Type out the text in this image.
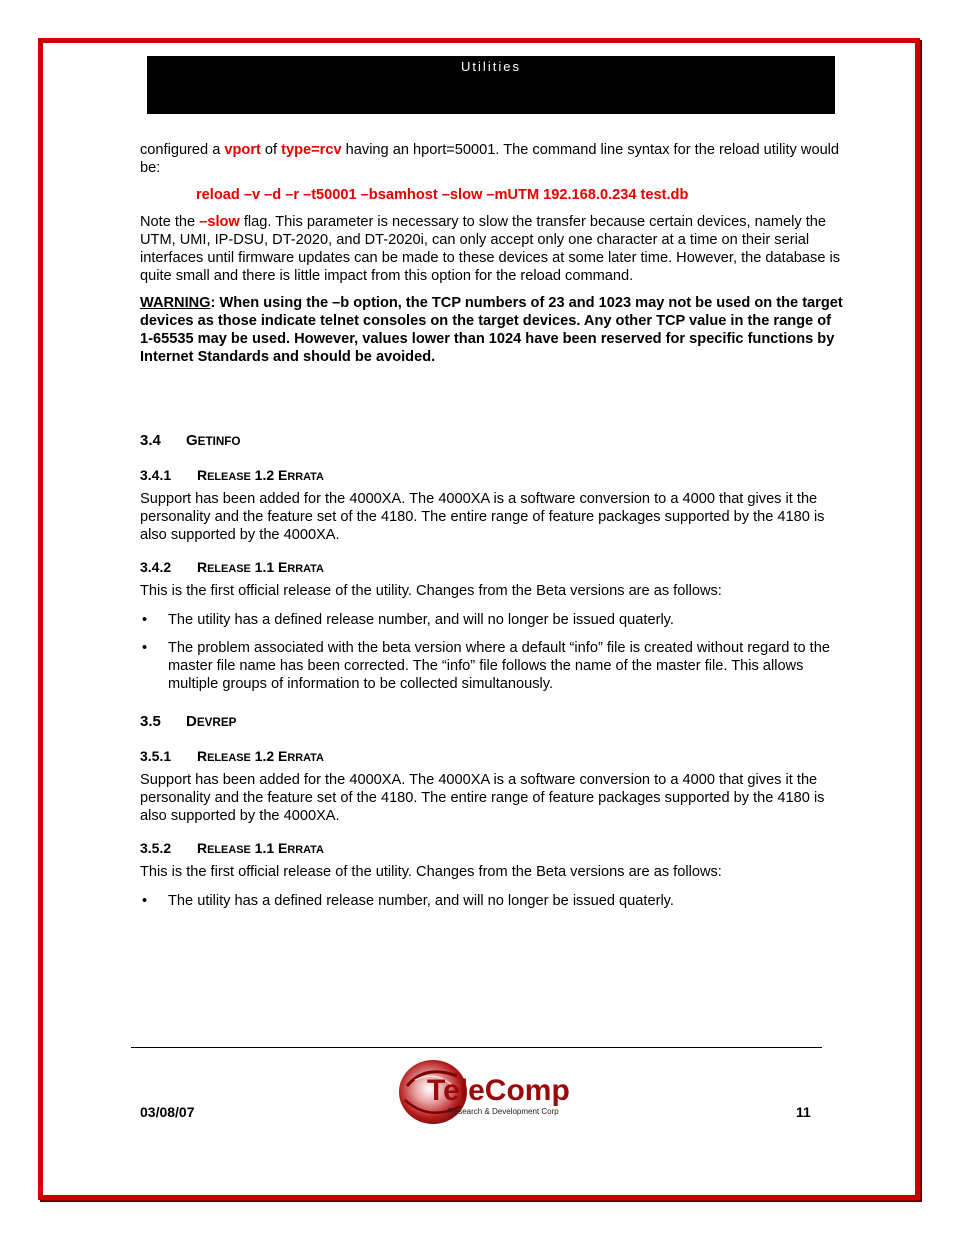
Utilities

configured a vport of type=rcv having an hport=50001. The command line syntax for the reload utility would be:

reload –v –d –r –t50001 –bsamhost –slow –mUTM 192.168.0.234 test.db

Note the –slow flag. This parameter is necessary to slow the transfer because certain devices, namely the UTM, UMI, IP-DSU, DT-2020, and DT-2020i, can only accept only one character at a time on their serial interfaces until firmware updates can be made to these devices at some later time. However, the database is quite small and there is little impact from this option for the reload command.

WARNING: When using the –b option, the TCP numbers of 23 and 1023 may not be used on the target devices as those indicate telnet consoles on the target devices. Any other TCP value in the range of 1-65535 may be used. However, values lower than 1024 have been reserved for specific functions by Internet Standards and should be avoided.

3.4 GETINFO
3.4.1 RELEASE 1.2 ERRATA
Support has been added for the 4000XA. The 4000XA is a software conversion to a 4000 that gives it the personality and the feature set of the 4180. The entire range of feature packages supported by the 4180 is also supported by the 4000XA.
3.4.2 RELEASE 1.1 ERRATA

This is the first official release of the utility. Changes from the Beta versions are as follows:

• The utility has a defined release number, and will no longer be issued quaterly.
• The problem associated with the beta version where a default “info” file is created without regard to the master file name has been corrected. The “info” file follows the name of the master file. This allows multiple groups of information to be collected simultanously.
3.5 DEVREP
3.5.1 RELEASE 1.2 ERRATA
Support has been added for the 4000XA. The 4000XA is a software conversion to a 4000 that gives it the personality and the feature set of the 4180. The entire range of feature packages supported by the 4180 is also supported by the 4000XA.
3.5.2 RELEASE 1.1 ERRATA

This is the first official release of the utility. Changes from the Beta versions are as follows:

• The utility has a defined release number, and will no longer be issued quaterly.
03/08/07
TeleComp
Research & Development Corp	11
